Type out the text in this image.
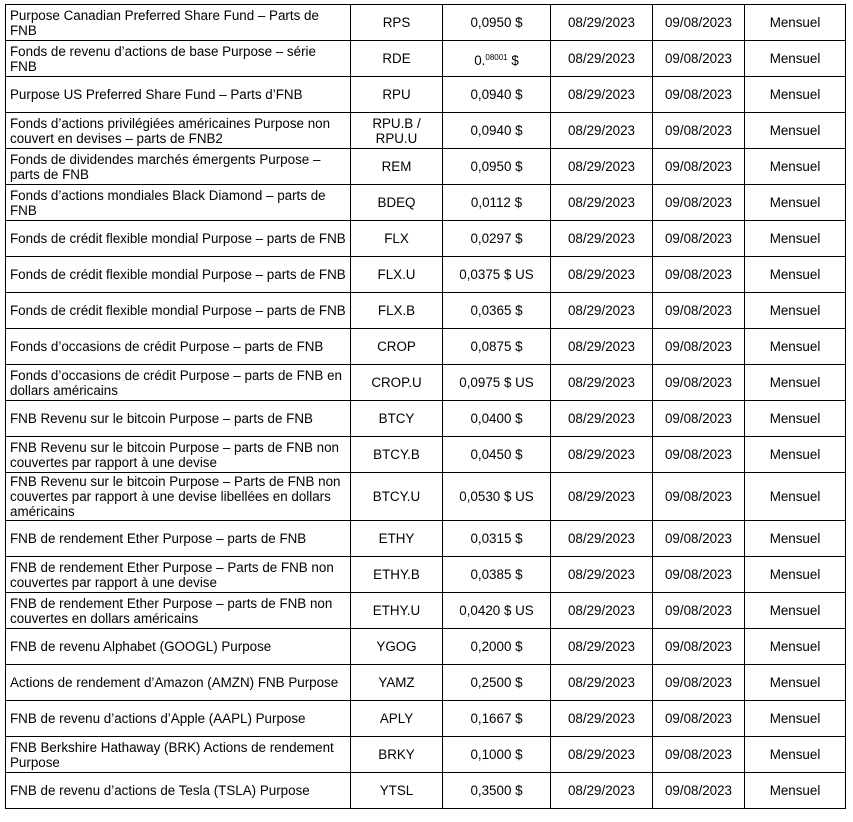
Purpose Canadian Preferred Share Fund – Parts de FNB	RPS	0,0950 $	08/29/2023	09/08/2023	Mensuel
Fonds de revenu d’actions de base Purpose – série FNB	RDE	0.$^{08001}$ $	08/29/2023	09/08/2023	Mensuel
Purpose US Preferred Share Fund – Parts d’FNB	RPU	0,0940 $	08/29/2023	09/08/2023	Mensuel
Fonds d’actions privilégiées américaines Purpose non couvert en devises – parts de FNB2	RPU.B / RPU.U	0,0940 $	08/29/2023	09/08/2023	Mensuel
Fonds de dividendes marchés émergents Purpose – parts de FNB	REM	0,0950 $	08/29/2023	09/08/2023	Mensuel
Fonds d’actions mondiales Black Diamond – parts de FNB	BDEQ	0,0112 $	08/29/2023	09/08/2023	Mensuel
Fonds de crédit flexible mondial Purpose – parts de FNB	FLX	0,0297 $	08/29/2023	09/08/2023	Mensuel
Fonds de crédit flexible mondial Purpose – parts de FNB	FLX.U	0,0375 $ US	08/29/2023	09/08/2023	Mensuel
Fonds de crédit flexible mondial Purpose – parts de FNB	FLX.B	0,0365 $	08/29/2023	09/08/2023	Mensuel
Fonds d’occasions de crédit Purpose – parts de FNB	CROP	0,0875 $	08/29/2023	09/08/2023	Mensuel
Fonds d’occasions de crédit Purpose – parts de FNB en dollars américains	CROP.U	0,0975 $ US	08/29/2023	09/08/2023	Mensuel
FNB Revenu sur le bitcoin Purpose – parts de FNB	BTCY	0,0400 $	08/29/2023	09/08/2023	Mensuel
FNB Revenu sur le bitcoin Purpose – parts de FNB non couvertes par rapport à une devise	BTCY.B	0,0450 $	08/29/2023	09/08/2023	Mensuel
FNB Revenu sur le bitcoin Purpose – Parts de FNB non couvertes par rapport à une devise libellées en dollars américains	BTCY.U	0,0530 $ US	08/29/2023	09/08/2023	Mensuel
FNB de rendement Ether Purpose – parts de FNB	ETHY	0,0315 $	08/29/2023	09/08/2023	Mensuel
FNB de rendement Ether Purpose – Parts de FNB non couvertes par rapport à une devise	ETHY.B	0,0385 $	08/29/2023	09/08/2023	Mensuel
FNB de rendement Ether Purpose – parts de FNB non couvertes en dollars américains	ETHY.U	0,0420 $ US	08/29/2023	09/08/2023	Mensuel
FNB de revenu Alphabet (GOOGL) Purpose	YGOG	0,2000 $	08/29/2023	09/08/2023	Mensuel
Actions de rendement d’Amazon (AMZN) FNB Purpose	YAMZ	0,2500 $	08/29/2023	09/08/2023	Mensuel
FNB de revenu d’actions d’Apple (AAPL) Purpose	APLY	0,1667 $	08/29/2023	09/08/2023	Mensuel
FNB Berkshire Hathaway (BRK) Actions de rendement Purpose	BRKY	0,1000 $	08/29/2023	09/08/2023	Mensuel
FNB de revenu d’actions de Tesla (TSLA) Purpose	YTSL	0,3500 $	08/29/2023	09/08/2023	Mensuel
